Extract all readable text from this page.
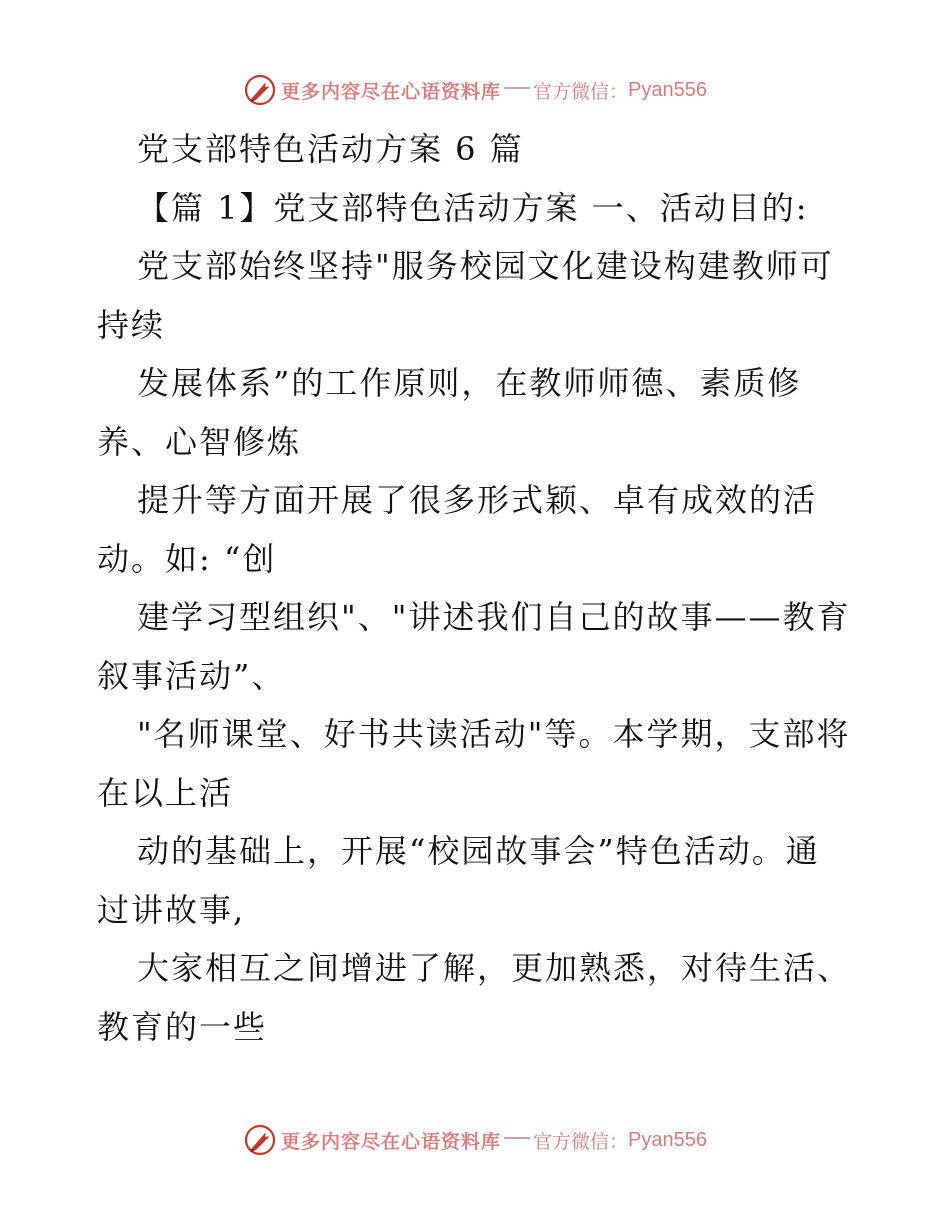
更多内容尽在心语资料库 官方微信： Pyan556
党支部特色活动方案 6 篇
【篇 1】党支部特色活动方案 一、活动目的:
党支部始终坚持"服务校园文化建设构建教师可
持续
发展体系”的工作原则，在教师师德、素质修
养、心智修炼
提升等方面开展了很多形式颖、卓有成效的活
动。如: “创
建学习型组织"、"讲述我们自己的故事——教育
叙事活动”、
"名师课堂、好书共读活动"等。本学期，支部将
在以上活
动的基础上，开展“校园故事会”特色活动。通
过讲故事,
大家相互之间增进了解，更加熟悉，对待生活、
教育的一些
更多内容尽在心语资料库 官方微信： Pyan556
